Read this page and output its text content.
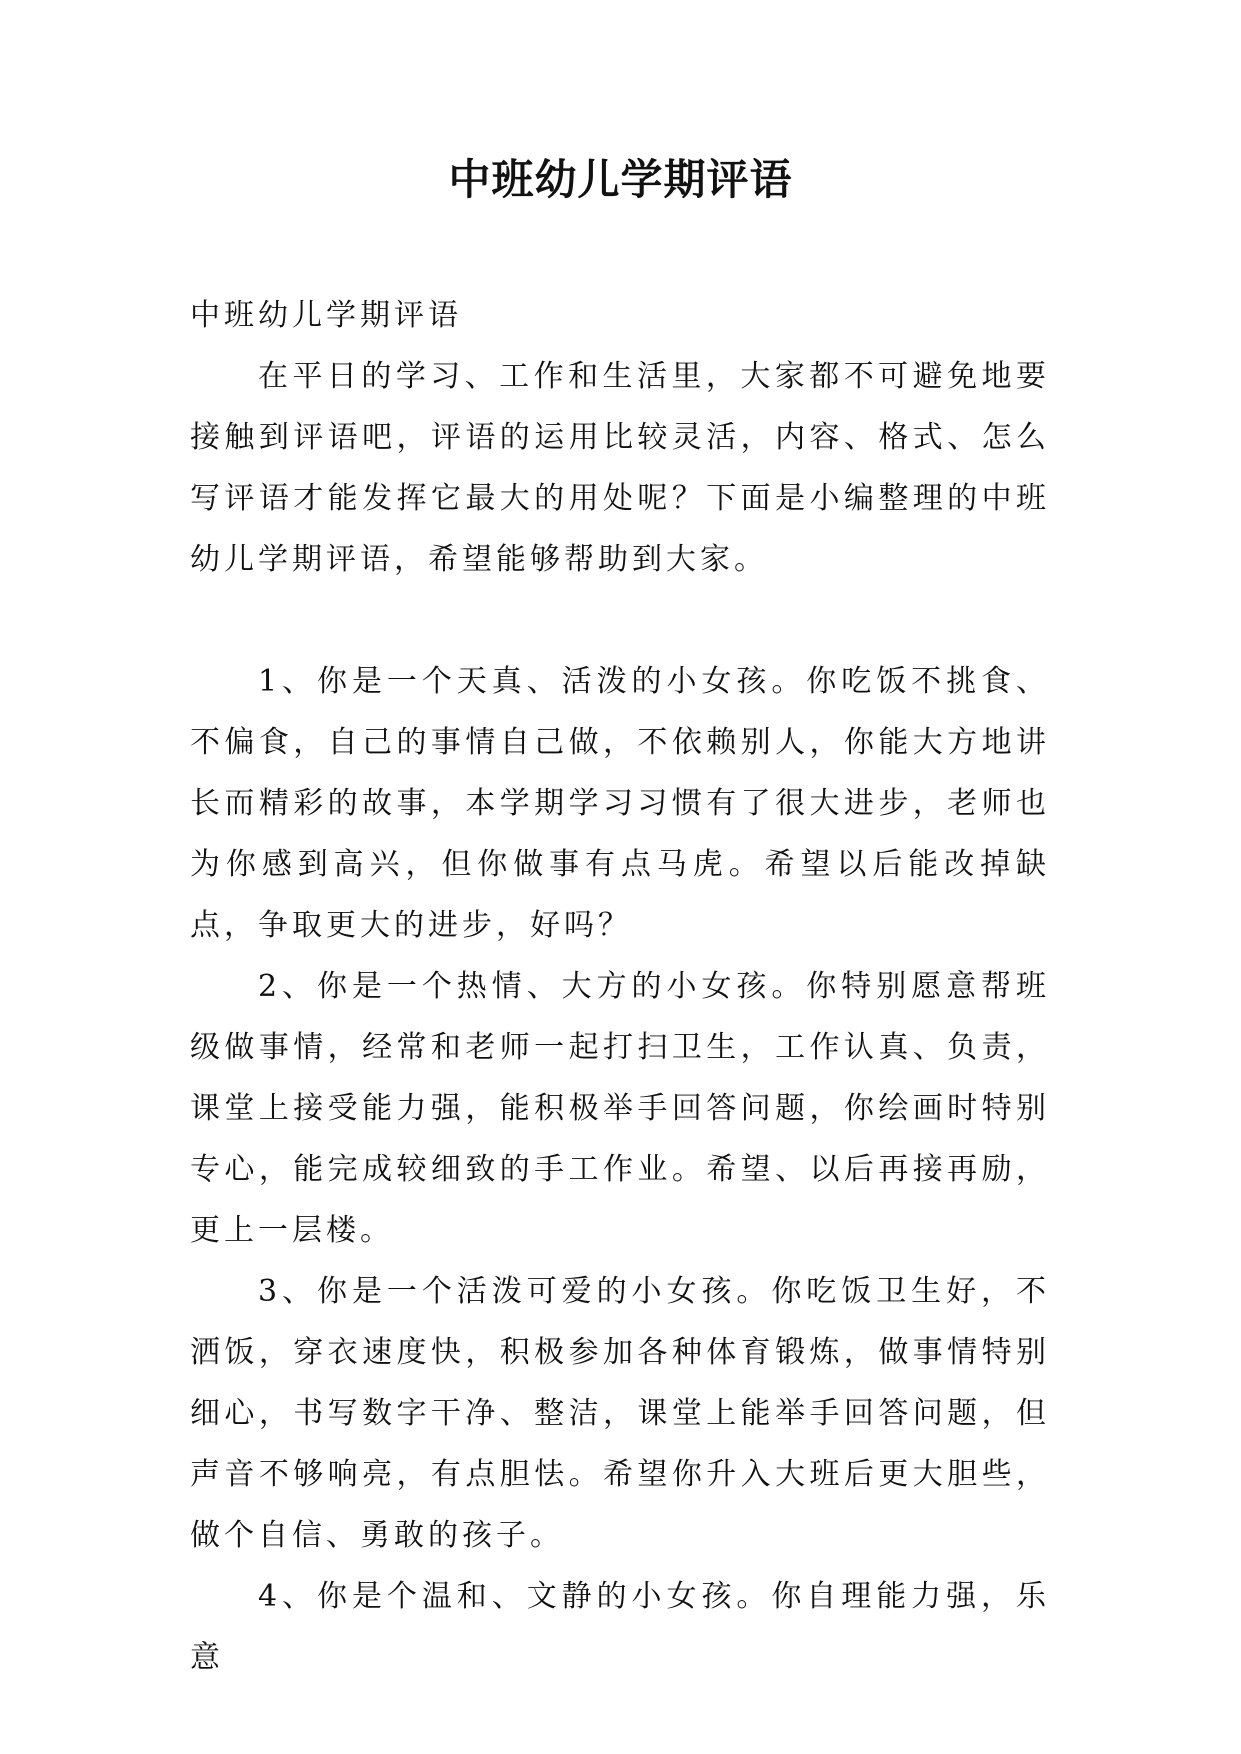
中班幼儿学期评语

中班幼儿学期评语

在平日的学习、工作和生活里，大家都不可避免地要接触到评语吧，评语的运用比较灵活，内容、格式、怎么写评语才能发挥它最大的用处呢？下面是小编整理的中班幼儿学期评语，希望能够帮助到大家。

1、你是一个天真、活泼的小女孩。你吃饭不挑食、不偏食，自己的事情自己做，不依赖别人，你能大方地讲长而精彩的故事，本学期学习习惯有了很大进步，老师也为你感到高兴，但你做事有点马虎。希望以后能改掉缺点，争取更大的进步，好吗？

2、你是一个热情、大方的小女孩。你特别愿意帮班级做事情，经常和老师一起打扫卫生，工作认真、负责，课堂上接受能力强，能积极举手回答问题，你绘画时特别专心，能完成较细致的手工作业。希望、以后再接再励，更上一层楼。

3、你是一个活泼可爱的小女孩。你吃饭卫生好，不洒饭，穿衣速度快，积极参加各种体育锻炼，做事情特别细心，书写数字干净、整洁，课堂上能举手回答问题，但声音不够响亮，有点胆怯。希望你升入大班后更大胆些，做个自信、勇敢的孩子。

4、你是个温和、文静的小女孩。你自理能力强，乐意
